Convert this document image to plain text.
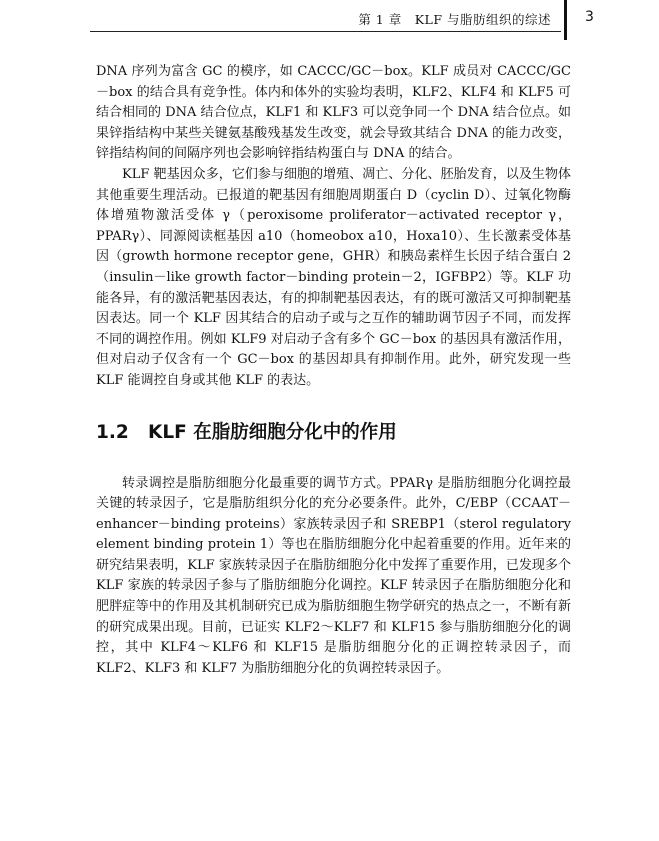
第 1 章　KLF 与脂肪组织的综述 3

DNA 序列为富含 GC 的模序，如 CACCC/GC－box。KLF 成员对 CACCC/GC－box 的结合具有竞争性。体内和体外的实验均表明，KLF2、KLF4 和 KLF5 可结合相同的 DNA 结合位点，KLF1 和 KLF3 可以竞争同一个 DNA 结合位点。如果锌指结构中某些关键氨基酸残基发生改变，就会导致其结合 DNA 的能力改变，锌指结构间的间隔序列也会影响锌指结构蛋白与 DNA 的结合。

KLF 靶基因众多，它们参与细胞的增殖、凋亡、分化、胚胎发育，以及生物体其他重要生理活动。已报道的靶基因有细胞周期蛋白 D（cyclin D）、过氧化物酶体增殖物激活受体 γ（peroxisome proliferator－activated receptor γ，PPARγ）、同源阅读框基因 a10（homeobox a10，Hoxa10）、生长激素受体基因（growth hormone receptor gene，GHR）和胰岛素样生长因子结合蛋白 2（insulin－like growth factor－binding protein－2，IGFBP2）等。KLF 功能各异，有的激活靶基因表达，有的抑制靶基因表达，有的既可激活又可抑制靶基因表达。同一个 KLF 因其结合的启动子或与之互作的辅助调节因子不同，而发挥不同的调控作用。例如 KLF9 对启动子含有多个 GC－box 的基因具有激活作用，但对启动子仅含有一个 GC－box 的基因却具有抑制作用。此外，研究发现一些 KLF 能调控自身或其他 KLF 的表达。

1.2 KLF 在脂肪细胞分化中的作用

转录调控是脂肪细胞分化最重要的调节方式。PPARγ 是脂肪细胞分化调控最关键的转录因子，它是脂肪组织分化的充分必要条件。此外，C/EBP（CCAAT－enhancer－binding proteins）家族转录因子和 SREBP1（sterol regulatory element binding protein 1）等也在脂肪细胞分化中起着重要的作用。近年来的研究结果表明，KLF 家族转录因子在脂肪细胞分化中发挥了重要作用，已发现多个 KLF 家族的转录因子参与了脂肪细胞分化调控。KLF 转录因子在脂肪细胞分化和肥胖症等中的作用及其机制研究已成为脂肪细胞生物学研究的热点之一，不断有新的研究成果出现。目前，已证实 KLF2～KLF7 和 KLF15 参与脂肪细胞分化的调控，其中 KLF4～KLF6 和 KLF15 是脂肪细胞分化的正调控转录因子，而 KLF2、KLF3 和 KLF7 为脂肪细胞分化的负调控转录因子。
